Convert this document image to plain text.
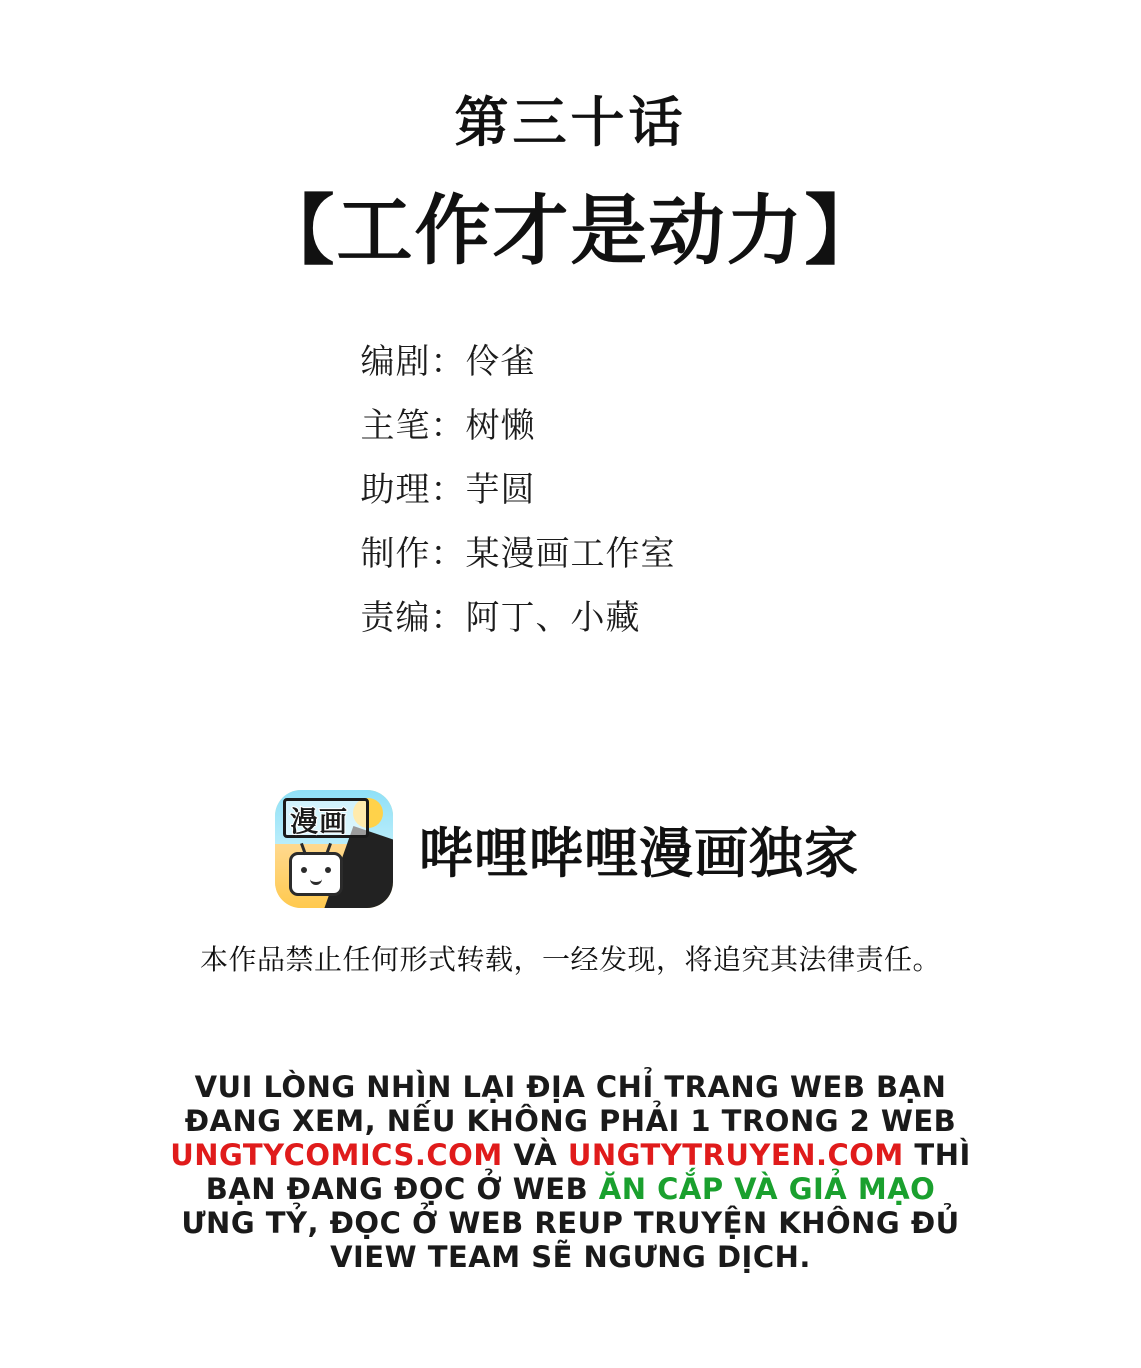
第三十话
【工作才是动力】
编剧：伶雀
主笔：树懒
助理：芋圆
制作：某漫画工作室
责编：阿丁、小藏
漫画 哔哩哔哩漫画独家
本作品禁止任何形式转载，一经发现，将追究其法律责任。
VUI LÒNG NHÌN LẠI ĐỊA CHỈ TRANG WEB BẠN
ĐANG XEM, NẾU KHÔNG PHẢI 1 TRONG 2 WEB
UNGTYCOMICS.COM VÀ UNGTYTRUYEN.COM THÌ
BẠN ĐANG ĐỌC Ở WEB ĂN CẮP VÀ GIẢ MẠO
ƯNG TỶ, ĐỌC Ở WEB REUP TRUYỆN KHÔNG ĐỦ
VIEW TEAM SẼ NGƯNG DỊCH.
